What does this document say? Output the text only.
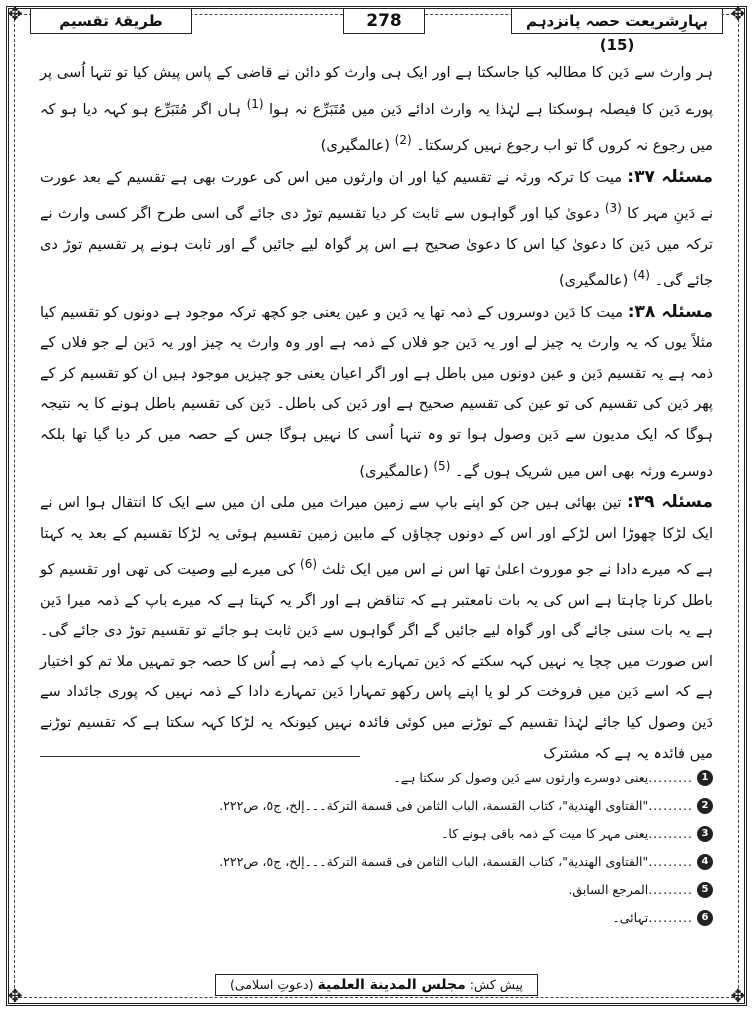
✥	✥
✥	✥
بہارِشریعت حصہ پانزدہم (15)
278
طریقۂ تقسیم

ہر وارث سے دَین کا مطالبہ کیا جاسکتا ہے اور ایک ہی وارث کو دائن نے قاضی کے پاس پیش کیا تو تنہا اُسی پر پورے دَین کا فیصلہ ہوسکتا ہے لہٰذا یہ وارث ادائے دَین میں مُتَبَرِّع نہ ہوا $^{(1)}$ ہاں اگر مُتَبَرِّع ہو کہہ دیا ہو کہ میں رجوع نہ کروں گا تو اب رجوع نہیں کرسکتا۔ $^{(2)}$ (عالمگیری)

مسئلہ ۳۷: میت کا ترکہ ورثہ نے تقسیم کیا اور ان وارثوں میں اس کی عورت بھی ہے تقسیم کے بعد عورت نے دَینِ مہر کا $^{(3)}$ دعویٰ کیا اور گواہوں سے ثابت کر دیا تقسیم توڑ دی جائے گی اسی طرح اگر کسی وارث نے ترکہ میں دَین کا دعویٰ کیا اس کا دعویٰ صحیح ہے اس پر گواہ لیے جائیں گے اور ثابت ہونے پر تقسیم توڑ دی جائے گی۔ $^{(4)}$ (عالمگیری)

مسئلہ ۳۸: میت کا دَین دوسروں کے ذمہ تھا یہ دَین و عین یعنی جو کچھ ترکہ موجود ہے دونوں کو تقسیم کیا مثلاً یوں کہ یہ وارث یہ چیز لے اور یہ دَین جو فلاں کے ذمہ ہے اور وہ وارث یہ چیز اور یہ دَین لے جو فلاں کے ذمہ ہے یہ تقسیم دَین و عین دونوں میں باطل ہے اور اگر اعیان یعنی جو چیزیں موجود ہیں ان کو تقسیم کر کے پھر دَین کی تقسیم کی تو عین کی تقسیم صحیح ہے اور دَین کی باطل۔ دَین کی تقسیم باطل ہونے کا یہ نتیجہ ہوگا کہ ایک مدیون سے دَین وصول ہوا تو وہ تنہا اُسی کا نہیں ہوگا جس کے حصہ میں کر دیا گیا تھا بلکہ دوسرے ورثہ بھی اس میں شریک ہوں گے۔ $^{(5)}$ (عالمگیری)

مسئلہ ۳۹: تین بھائی ہیں جن کو اپنے باپ سے زمین میراث میں ملی ان میں سے ایک کا انتقال ہوا اس نے ایک لڑکا چھوڑا اس لڑکے اور اس کے دونوں چچاؤں کے مابین زمین تقسیم ہوئی یہ لڑکا تقسیم کے بعد یہ کہتا ہے کہ میرے دادا نے جو موروث اعلیٰ تھا اس نے اس میں ایک ثلث $^{(6)}$ کی میرے لیے وصیت کی تھی اور تقسیم کو باطل کرنا چاہتا ہے اس کی یہ بات نامعتبر ہے کہ تناقض ہے اور اگر یہ کہتا ہے کہ میرے باپ کے ذمہ میرا دَین ہے یہ بات سنی جائے گی اور گواہ لیے جائیں گے اگر گواہوں سے دَین ثابت ہو جائے تو تقسیم توڑ دی جائے گی۔ اس صورت میں چچا یہ نہیں کہہ سکتے کہ دَین تمہارے باپ کے ذمہ ہے اُس کا حصہ جو تمہیں ملا تم کو اختیار ہے کہ اسے دَین میں فروخت کر لو یا اپنے پاس رکھو تمہارا دَین تمہارے دادا کے ذمہ نہیں کہ پوری جائداد سے دَین وصول کیا جائے لہٰذا تقسیم کے توڑنے میں کوئی فائدہ نہیں کیونکہ یہ لڑکا کہہ سکتا ہے کہ تقسیم توڑنے میں فائدہ یہ ہے کہ مشترک

1
.........
یعنی دوسرے وارثوں سے دَین وصول کر سکتا ہے۔
2
.........
"الفتاوی الھندیة"، کتاب القسمة، الباب الثامن فی قسمة الترکة۔۔۔إلخ، ج٥، ص٢٢٢.
3
.........
یعنی مہر کا میت کے ذمہ باقی ہونے کا۔
4
.........
"الفتاوی الھندیة"، کتاب القسمة، الباب الثامن فی قسمة الترکة۔۔۔إلخ، ج٥، ص٢٢٢.
5
.........
المرجع السابق.
6
.........
تہائی۔
پیش کش: مجلس المدینة العلمیة (دعوتِ اسلامی)
